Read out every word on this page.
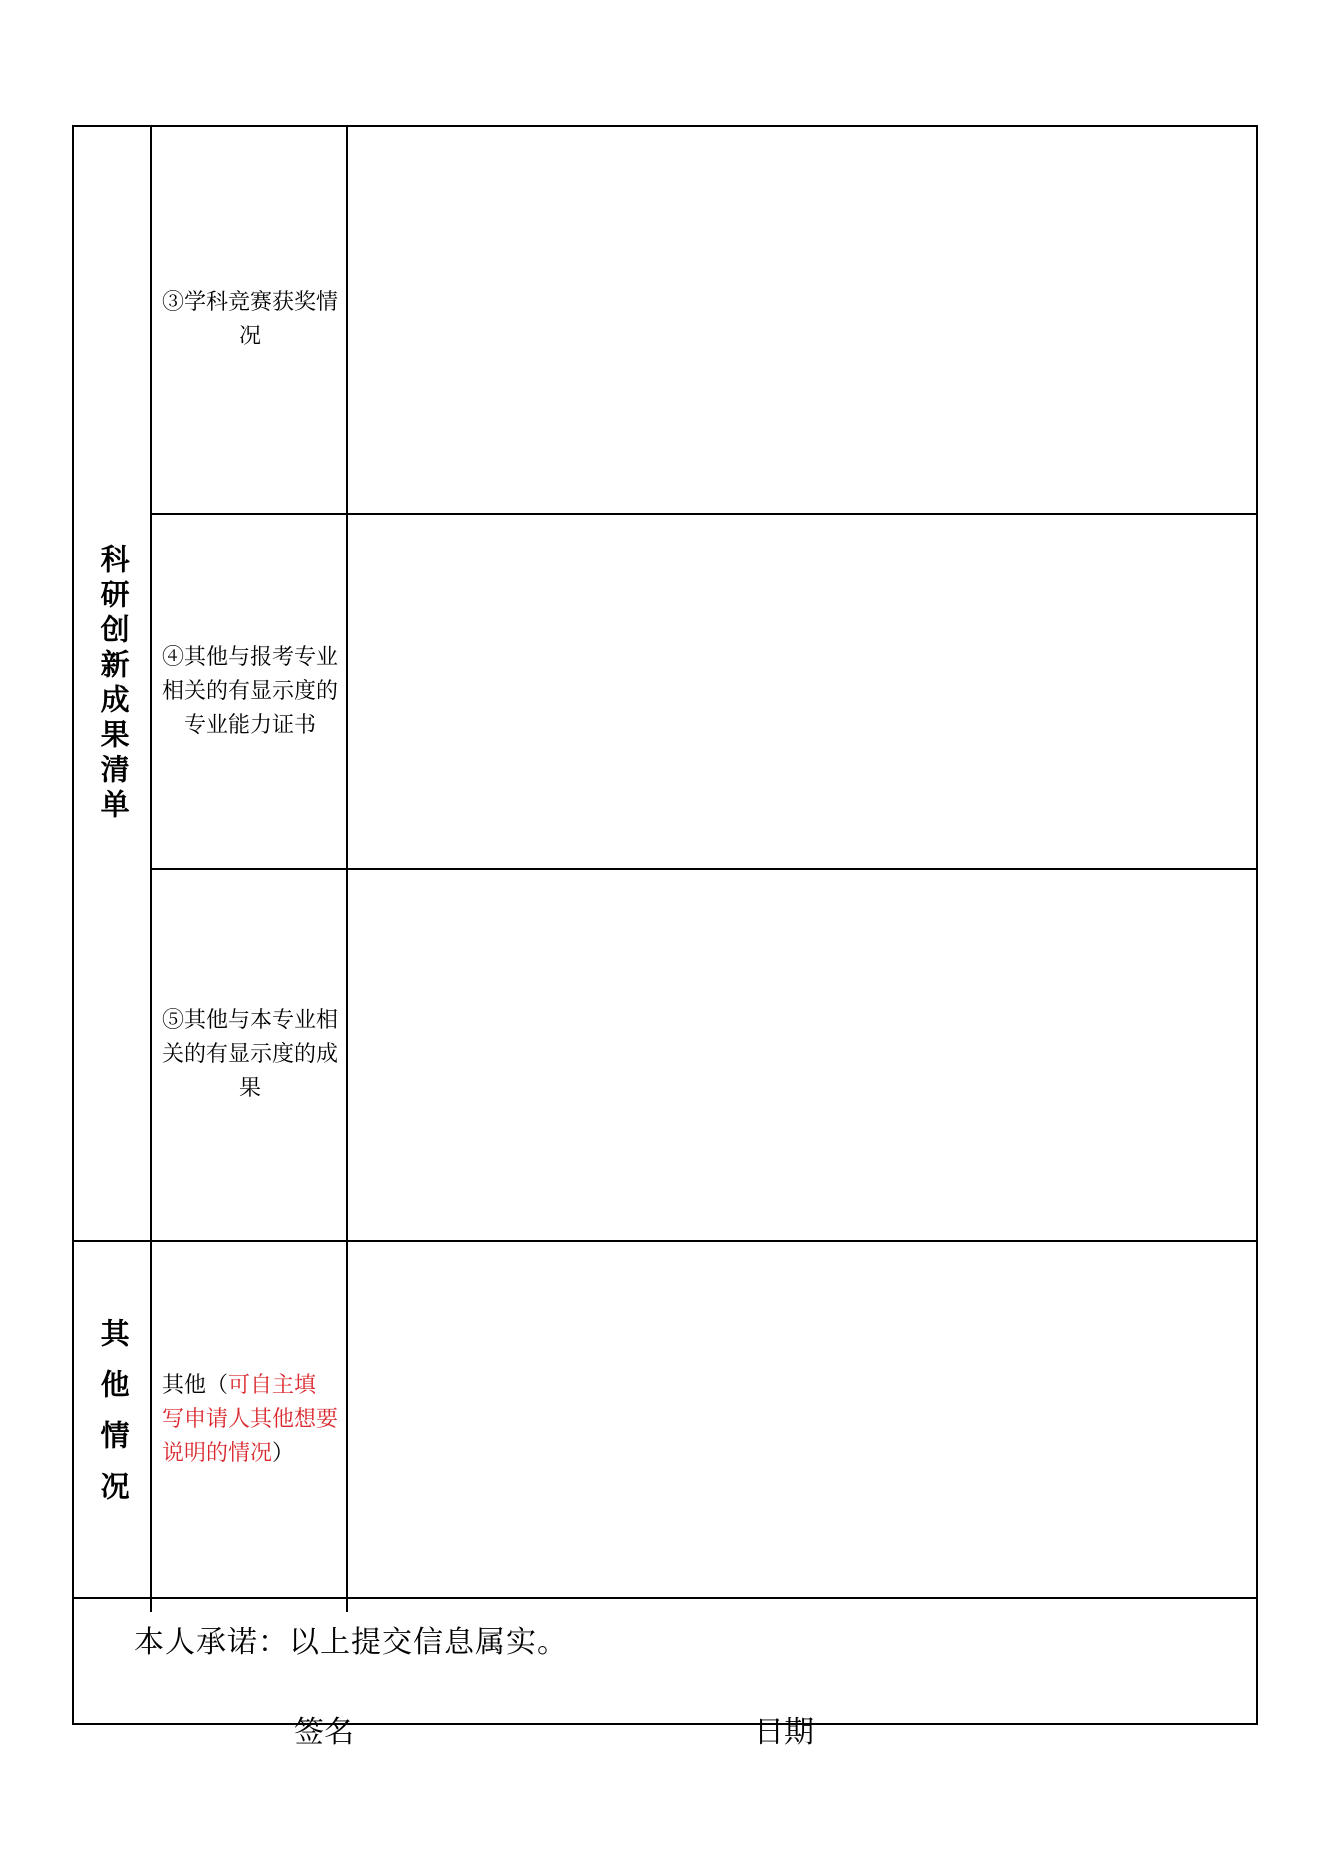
科研创新成果清单
③学科竞赛获奖情况
④其他与报考专业相关的有显示度的专业能力证书
⑤其他与本专业相关的有显示度的成果
其他情况 其他（可自主填写申请人其他想要说明的情况）
本人承诺：以上提交信息属实。
签名	日期
